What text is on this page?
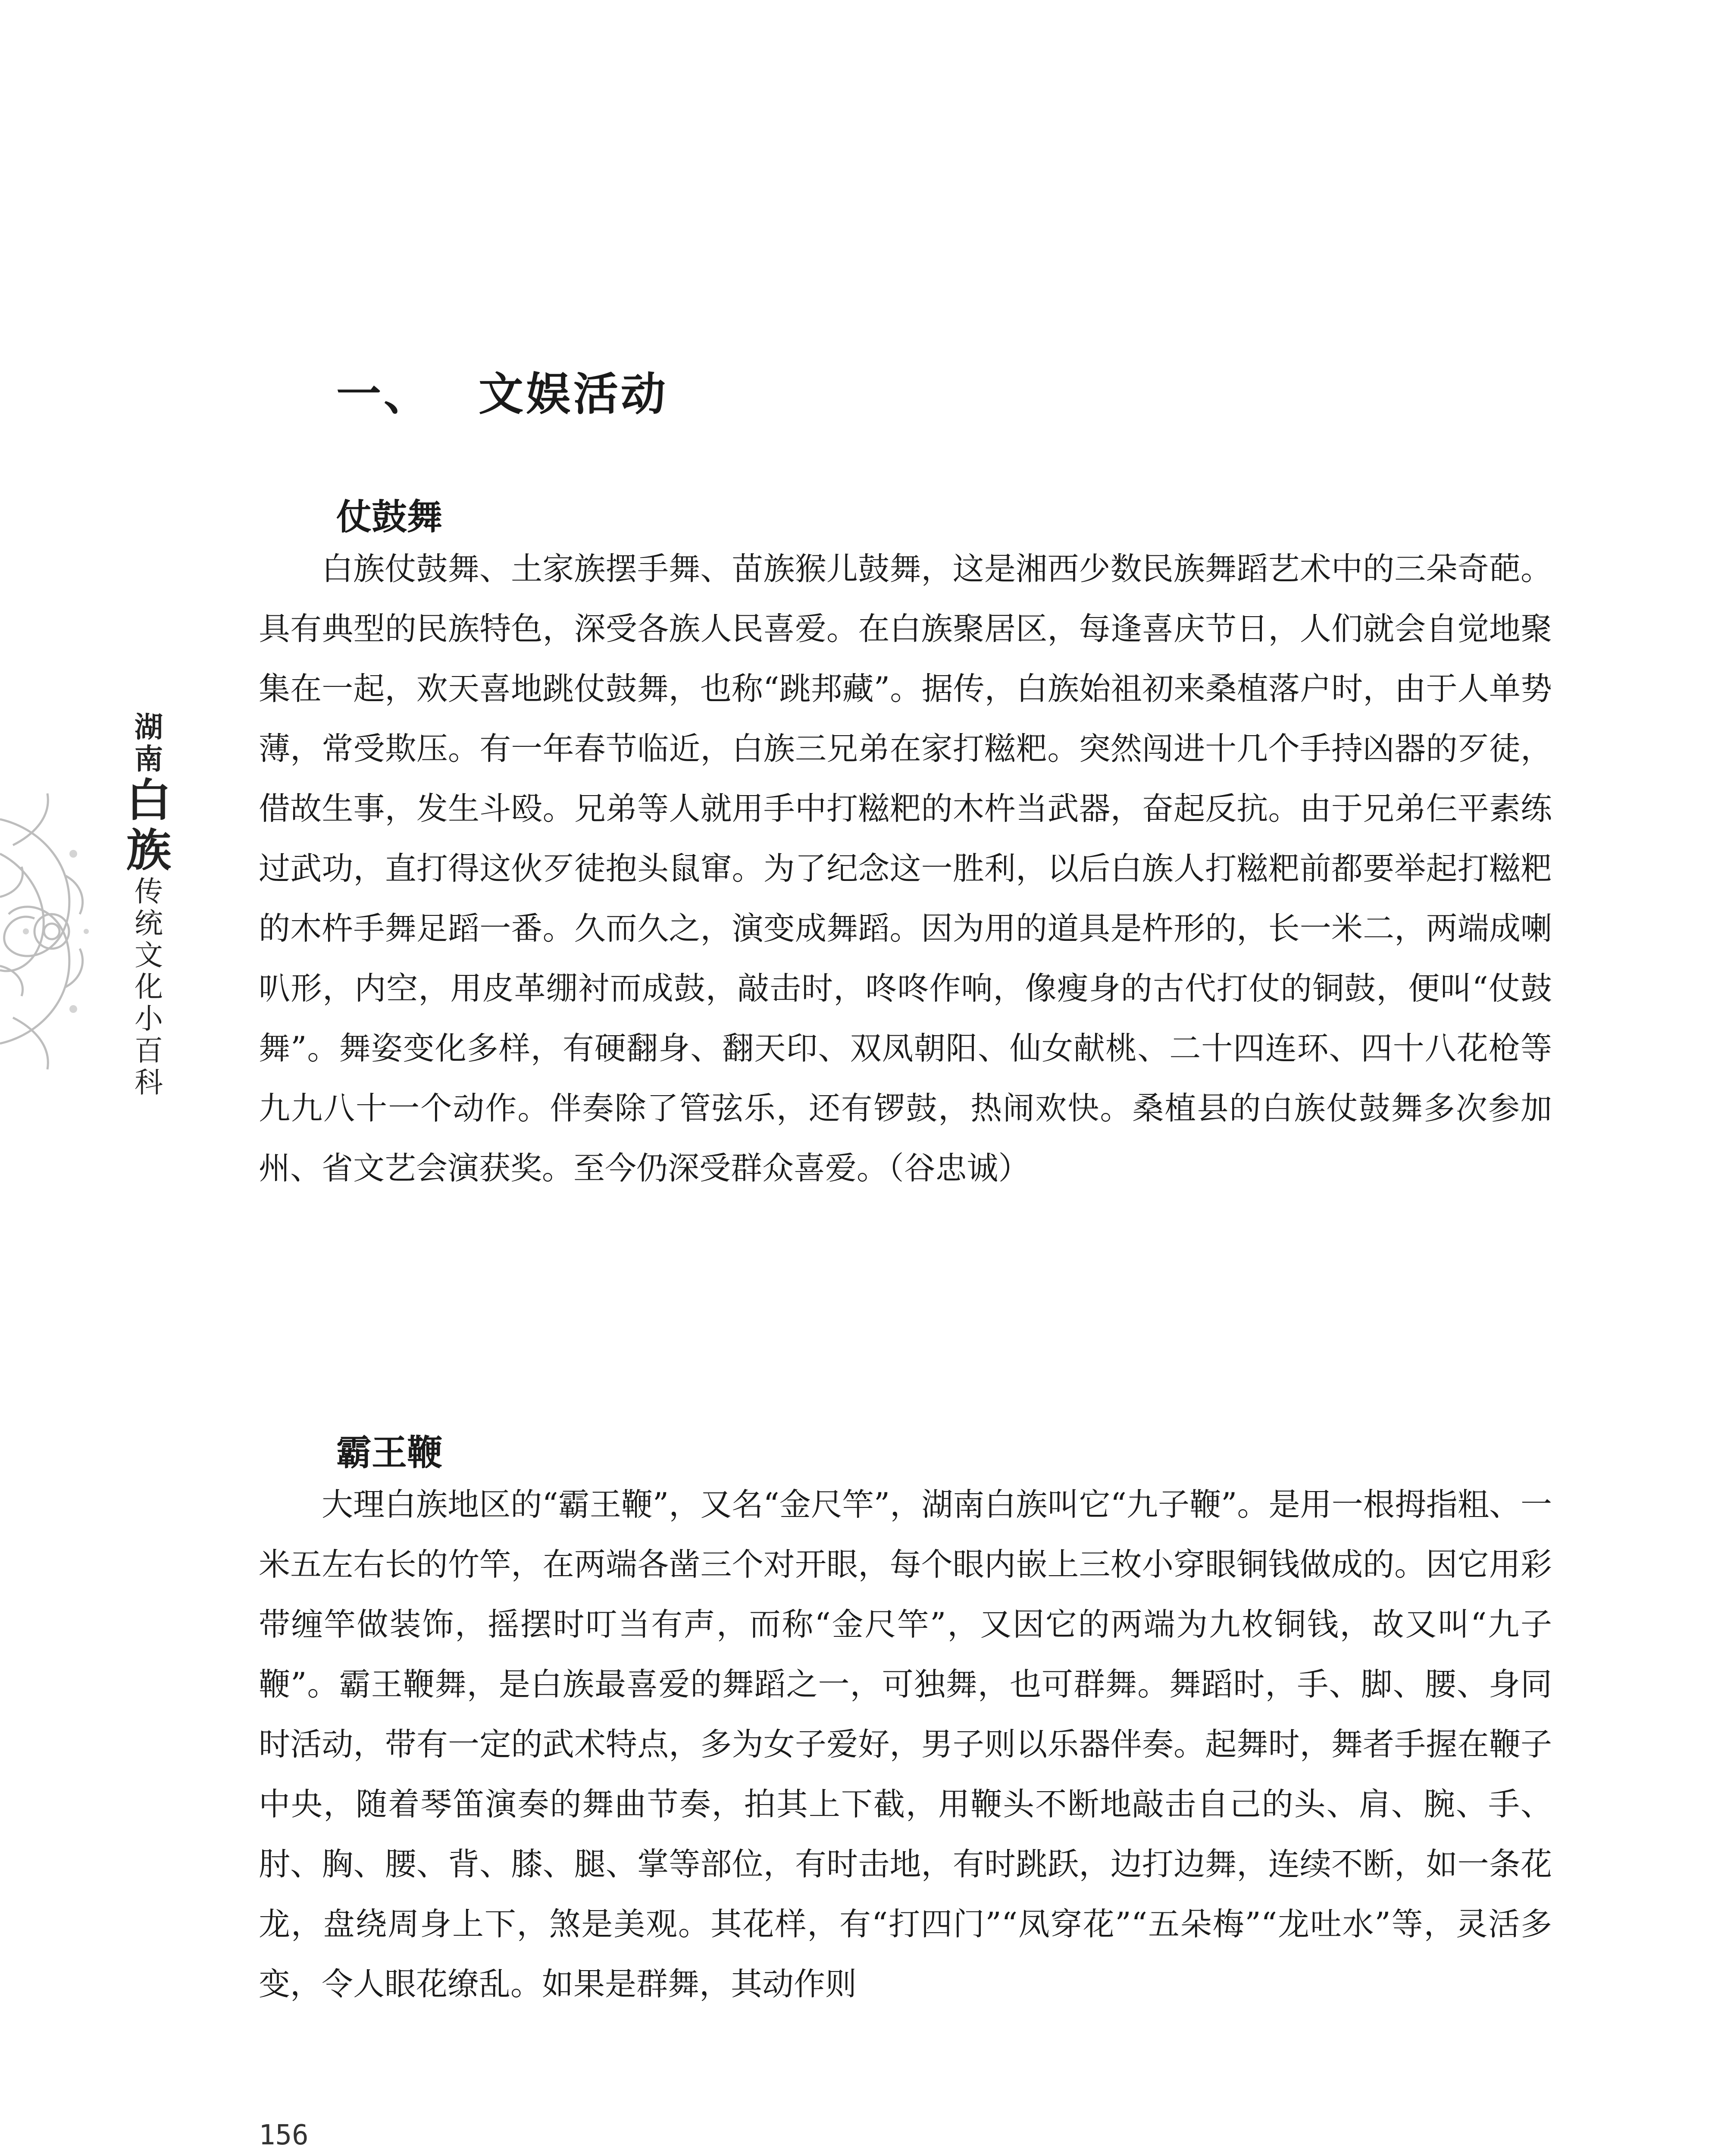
湖
南
白
族
传
统
文
化
小
百
科
一、 文娱活动
仗鼓舞

白族仗鼓舞、土家族摆手舞、苗族猴儿鼓舞，这是湘西少数民族舞蹈艺术中的三朵奇葩。具有典型的民族特色，深受各族人民喜爱。在白族聚居区，每逢喜庆节日，人们就会自觉地聚集在一起，欢天喜地跳仗鼓舞，也称“跳邦藏”。据传，白族始祖初来桑植落户时，由于人单势薄，常受欺压。有一年春节临近，白族三兄弟在家打糍粑。突然闯进十几个手持凶器的歹徒，借故生事，发生斗殴。兄弟等人就用手中打糍粑的木杵当武器，奋起反抗。由于兄弟仨平素练过武功，直打得这伙歹徒抱头鼠窜。为了纪念这一胜利，以后白族人打糍粑前都要举起打糍粑的木杵手舞足蹈一番。久而久之，演变成舞蹈。因为用的道具是杵形的，长一米二，两端成喇叭形，内空，用皮革绷衬而成鼓，敲击时，咚咚作响，像瘦身的古代打仗的铜鼓，便叫“仗鼓舞”。舞姿变化多样，有硬翻身、翻天印、双凤朝阳、仙女献桃、二十四连环、四十八花枪等九九八十一个动作。伴奏除了管弦乐，还有锣鼓，热闹欢快。桑植县的白族仗鼓舞多次参加州、省文艺会演获奖。至今仍深受群众喜爱。（谷忠诚）

霸王鞭

大理白族地区的“霸王鞭”，又名“金尺竿”，湖南白族叫它“九子鞭”。是用一根拇指粗、一米五左右长的竹竿，在两端各凿三个对开眼，每个眼内嵌上三枚小穿眼铜钱做成的。因它用彩带缠竿做装饰，摇摆时叮当有声，而称“金尺竿”，又因它的两端为九枚铜钱，故又叫“九子鞭”。霸王鞭舞，是白族最喜爱的舞蹈之一，可独舞，也可群舞。舞蹈时，手、脚、腰、身同时活动，带有一定的武术特点，多为女子爱好，男子则以乐器伴奏。起舞时，舞者手握在鞭子中央，随着琴笛演奏的舞曲节奏，拍其上下截，用鞭头不断地敲击自己的头、肩、腕、手、肘、胸、腰、背、膝、腿、掌等部位，有时击地，有时跳跃，边打边舞，连续不断，如一条花龙，盘绕周身上下，煞是美观。其花样，有“打四门”“凤穿花”“五朵梅”“龙吐水”等，灵活多变，令人眼花缭乱。如果是群舞，其动作则

156
